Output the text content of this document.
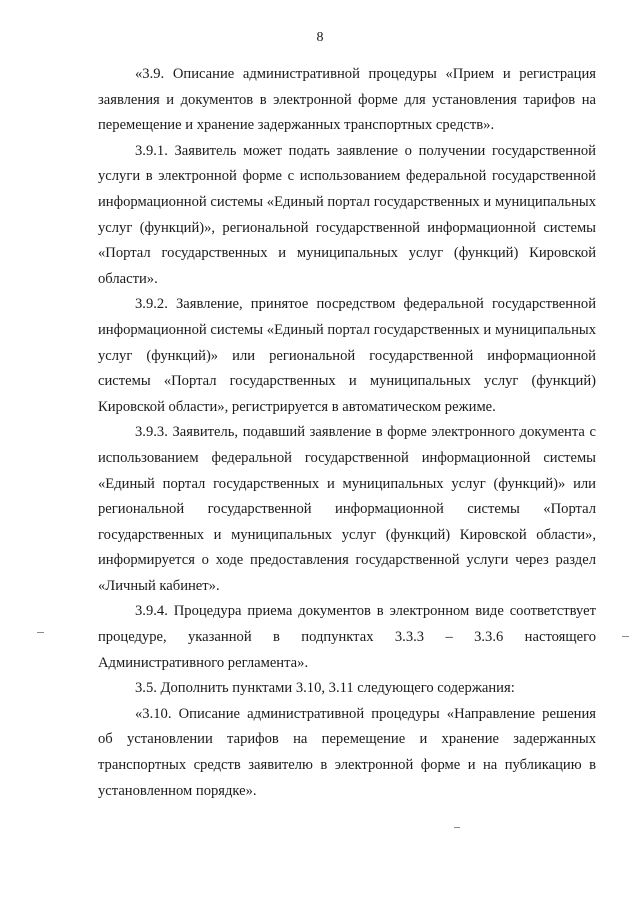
8

«3.9. Описание административной процедуры «Прием и регистрация заявления и документов в электронной форме для установления тарифов на перемещение и хранение задержанных транспортных средств».

3.9.1. Заявитель может подать заявление о получении государственной услуги в электронной форме с использованием федеральной государственной информационной системы «Единый портал государственных и муниципальных услуг (функций)», региональной государственной информационной системы «Портал государственных и муниципальных услуг (функций) Кировской области».

3.9.2. Заявление, принятое посредством федеральной государственной информационной системы «Единый портал государственных и муниципальных услуг (функций)» или региональной государственной информационной системы «Портал государственных и муниципальных услуг (функций) Кировской области», регистрируется в автоматическом режиме.

3.9.3. Заявитель, подавший заявление в форме электронного документа с использованием федеральной государственной информационной системы «Единый портал государственных и муниципальных услуг (функций)» или региональной государственной информационной системы «Портал государственных и муниципальных услуг (функций) Кировской области», информируется о ходе предоставления государственной услуги через раздел «Личный кабинет».

3.9.4. Процедура приема документов в электронном виде соответствует процедуре, указанной в подпунктах 3.3.3 – 3.3.6 настоящего Административного регламента».

3.5. Дополнить пунктами 3.10, 3.11 следующего содержания:

«3.10. Описание административной процедуры «Направление решения об установлении тарифов на перемещение и хранение задержанных транспортных средств заявителю в электронной форме и на публикацию в установленном порядке».
